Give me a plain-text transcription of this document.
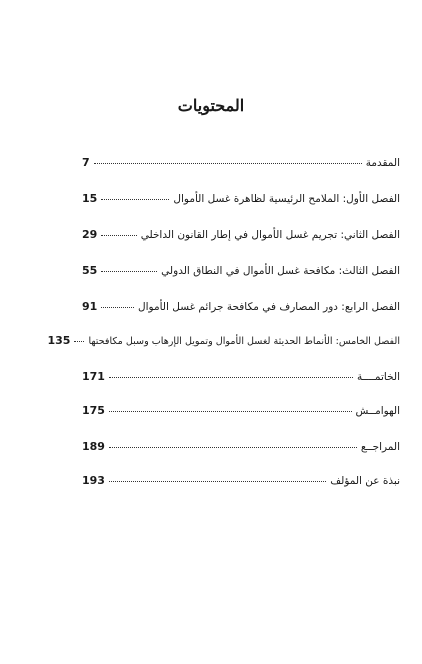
المحتويات
المقدمة
7
الفصل الأول: الملامح الرئيسية لظاهرة غسل الأموال
15
الفصل الثاني: تجريم غسل الأموال في إطار القانون الداخلي
29
الفصل الثالث: مكافحة غسل الأموال في النطاق الدولي
55
الفصل الرابع: دور المصارف في مكافحة جرائم غسل الأموال
91
الفصل الخامس: الأنماط الحديثة لغسل الأموال وتمويل الإرهاب وسبل مكافحتها
135
الخاتمــــة
171
الهوامــش
175
المراجــع
189
نبذة عن المؤلف
193
